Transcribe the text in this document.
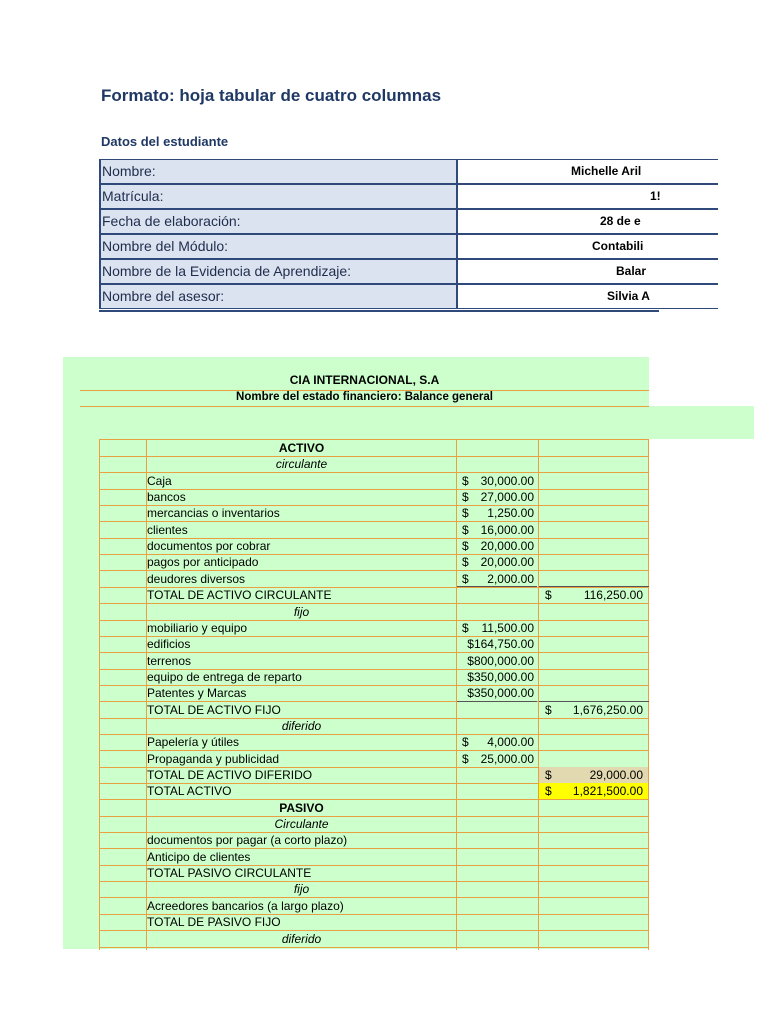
Formato: hoja tabular de cuatro columnas
Datos del estudiante
Nombre:	Michelle Aril
Matrícula:	1!
Fecha de elaboración:	28 de e
Nombre del Módulo:	Contabili
Nombre de la Evidencia de Aprendizaje:	Balar
Nombre del asesor:	Silvia A
CIA INTERNACIONAL, S.A
Nombre del estado financiero: Balance general
ACTIVO
circulante
Caja	$ 30,000.00
bancos	$ 27,000.00
mercancias o inventarios	$ 1,250.00
clientes	$ 16,000.00
documentos por cobrar	$ 20,000.00
pagos por anticipado	$ 20,000.00
deudores diversos	$ 2,000.00
TOTAL DE ACTIVO CIRCULANTE	$	116,250.00
fijo
mobiliario y equipo	$ 11,500.00
edificios	$164,750.00
terrenos	$800,000.00
equipo de entrega de reparto	$350,000.00
Patentes y Marcas	$350,000.00
TOTAL DE ACTIVO FIJO	$ 1,676,250.00
diferido
Papelería y útiles	$ 4,000.00
Propaganda y publicidad	$ 25,000.00
TOTAL DE ACTIVO DIFERIDO	$	29,000.00
TOTAL ACTIVO	$ 1,821,500.00
PASIVO
Circulante
documentos por pagar (a corto plazo)
Anticipo de clientes
TOTAL PASIVO CIRCULANTE
fijo
Acreedores bancarios (a largo plazo)
TOTAL DE PASIVO FIJO
diferido
